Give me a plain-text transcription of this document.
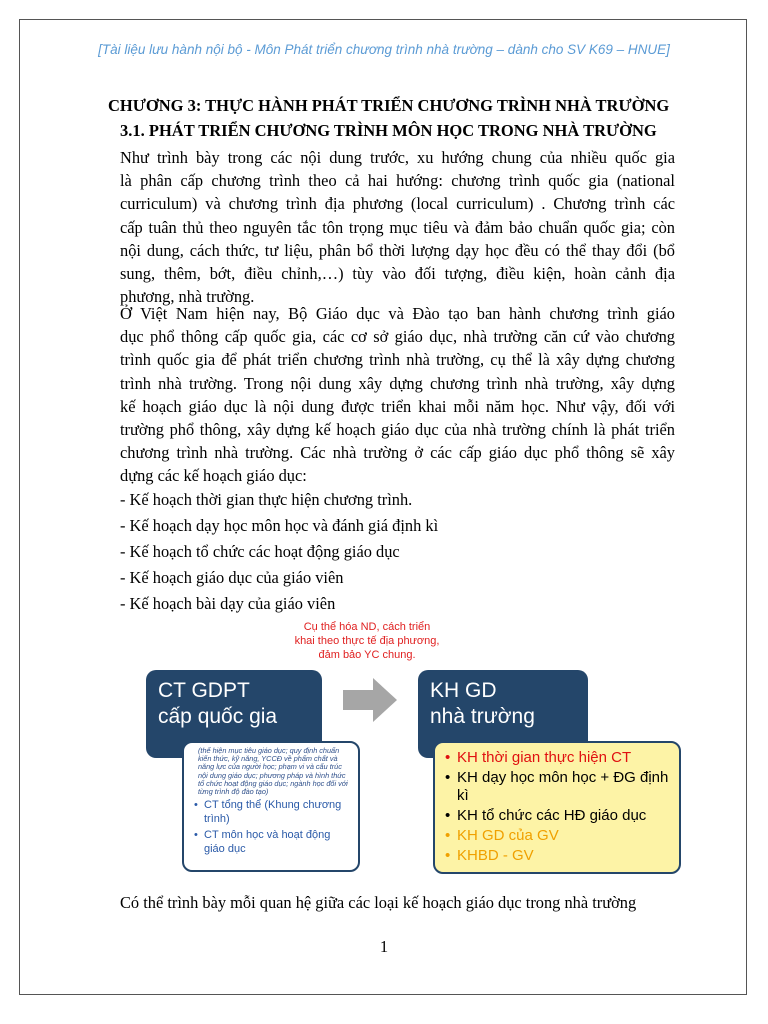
[Tài liệu lưu hành nội bộ - Môn Phát triển chương trình nhà trường – dành cho SV K69 – HNUE]
CHƯƠNG 3: THỰC HÀNH PHÁT TRIỂN CHƯƠNG TRÌNH NHÀ TRƯỜNG
3.1. PHÁT TRIỂN CHƯƠNG TRÌNH MÔN HỌC TRONG NHÀ TRƯỜNG
Như trình bày trong các nội dung trước, xu hướng chung của nhiều quốc gia
là phân cấp chương trình theo cả hai hướng: chương trình quốc gia (national
curriculum) và chương trình địa phương (local curriculum) . Chương trình các
cấp tuân thủ theo nguyên tắc tôn trọng mục tiêu và đảm bảo chuẩn quốc gia; còn
nội dung, cách thức, tư liệu, phân bổ thời lượng dạy học đều có thể thay đổi (bổ
sung, thêm, bớt, điều chỉnh,…) tùy vào đối tượng, điều kiện, hoàn cảnh địa
phương, nhà trường.
Ở Việt Nam hiện nay, Bộ Giáo dục và Đào tạo ban hành chương trình giáo
dục phổ thông cấp quốc gia, các cơ sở giáo dục, nhà trường căn cứ vào chương
trình quốc gia để phát triển chương trình nhà trường, cụ thể là xây dựng chương
trình nhà trường. Trong nội dung xây dựng chương trình nhà trường, xây dựng
kế hoạch giáo dục là nội dung được triển khai mỗi năm học. Như vậy, đối với
trường phổ thông, xây dựng kế hoạch giáo dục của nhà trường chính là phát triển
chương trình nhà trường. Các nhà trường ở các cấp giáo dục phổ thông sẽ xây
dựng các kế hoạch giáo dục:
- Kế hoạch thời gian thực hiện chương trình.
- Kế hoạch dạy học môn học và đánh giá định kì
- Kế hoạch tổ chức các hoạt động giáo dục
- Kế hoạch giáo dục của giáo viên
- Kế hoạch bài dạy của giáo viên
Cụ thể hóa ND, cách triển
khai theo thực tế địa phương,
đảm bảo YC chung.
CT GDPT
cấp quốc gia
KH GD
nhà trường
(thể hiện mục tiêu giáo dục; quy định chuẩn kiến thức, kỹ năng, YCCĐ về phẩm chất và năng lực của người học; phạm vi và cấu trúc nội dung giáo dục; phương pháp và hình thức tổ chức hoạt động giáo dục; ngành học đối với từng trình độ đào tạo)
• CT tổng thể (Khung chương trình)
• CT môn học và hoạt động giáo dục
• KH thời gian thực hiện CT
• KH dạy học môn học + ĐG định kì
• KH tổ chức các HĐ giáo dục
• KH GD của GV
• KHBD - GV
Có thể trình bày mỗi quan hệ giữa các loại kế hoạch giáo dục trong nhà trường
1
